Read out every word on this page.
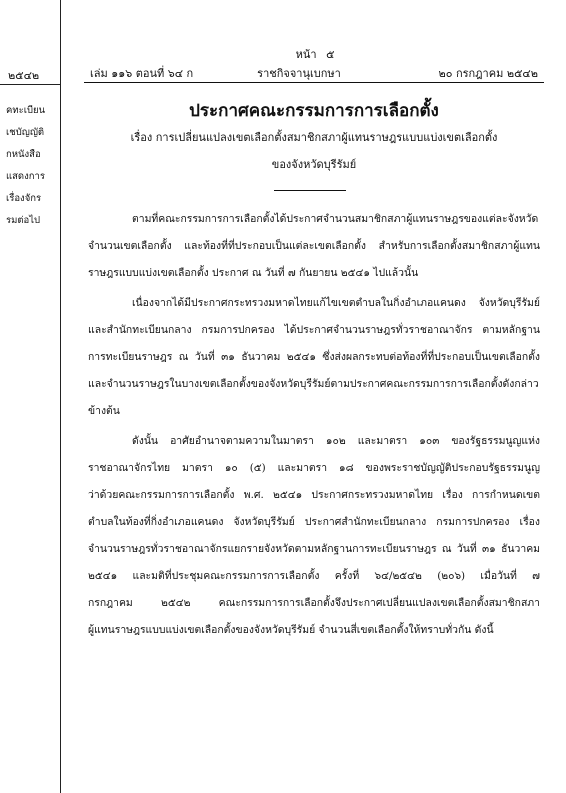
๒๕๔๒
คทะเบียน
เชบัญญัติ
กหนังสือ
แสดงการ
เรื่องจักร
รมต่อไป
หน้า ๕
เล่ม ๑๑๖ ตอนที่ ๖๔ ก	ราชกิจจานุเบกษา	๒๐ กรกฎาคม ๒๕๔๒
ประกาศคณะกรรมการการเลือกตั้ง
เรื่อง การเปลี่ยนแปลงเขตเลือกตั้งสมาชิกสภาผู้แทนราษฎรแบบแบ่งเขตเลือกตั้ง
ของจังหวัดบุรีรัมย์
ตามที่คณะกรรมการการเลือกตั้งได้ประกาศจำนวนสมาชิกสภาผู้แทนราษฎรของแต่ละจังหวัด
จำนวนเขตเลือกตั้ง และท้องที่ที่ประกอบเป็นแต่ละเขตเลือกตั้ง สำหรับการเลือกตั้งสมาชิกสภาผู้แทน
ราษฎรแบบแบ่งเขตเลือกตั้ง ประกาศ ณ วันที่ ๗ กันยายน ๒๕๔๑ ไปแล้วนั้น
เนื่องจากได้มีประกาศกระทรวงมหาดไทยแก้ไขเขตตำบลในกิ่งอำเภอแคนดง จังหวัดบุรีรัมย์
และสำนักทะเบียนกลาง กรมการปกครอง ได้ประกาศจำนวนราษฎรทั่วราชอาณาจักร ตามหลักฐาน
การทะเบียนราษฎร ณ วันที่ ๓๑ ธันวาคม ๒๕๔๑ ซึ่งส่งผลกระทบต่อท้องที่ที่ประกอบเป็นเขตเลือกตั้ง
และจำนวนราษฎรในบางเขตเลือกตั้งของจังหวัดบุรีรัมย์ตามประกาศคณะกรรมการการเลือกตั้งดังกล่าว
ข้างต้น
ดังนั้น อาศัยอำนาจตามความในมาตรา ๑๐๒ และมาตรา ๑๐๓ ของรัฐธรรมนูญแห่ง
ราชอาณาจักรไทย มาตรา ๑๐ (๕) และมาตรา ๑๘ ของพระราชบัญญัติประกอบรัฐธรรมนูญ
ว่าด้วยคณะกรรมการการเลือกตั้ง พ.ศ. ๒๕๔๑ ประกาศกระทรวงมหาดไทย เรื่อง การกำหนดเขต
ตำบลในท้องที่กิ่งอำเภอแคนดง จังหวัดบุรีรัมย์ ประกาศสำนักทะเบียนกลาง กรมการปกครอง เรื่อง
จำนวนราษฎรทั่วราชอาณาจักรแยกรายจังหวัดตามหลักฐานการทะเบียนราษฎร ณ วันที่ ๓๑ ธันวาคม
๒๕๔๑ และมติที่ประชุมคณะกรรมการการเลือกตั้ง ครั้งที่ ๖๔/๒๕๔๒ (๒๐๖) เมื่อวันที่ ๗
กรกฎาคม ๒๕๔๒ คณะกรรมการการเลือกตั้งจึงประกาศเปลี่ยนแปลงเขตเลือกตั้งสมาชิกสภา
ผู้แทนราษฎรแบบแบ่งเขตเลือกตั้งของจังหวัดบุรีรัมย์ จำนวนสี่เขตเลือกตั้งให้ทราบทั่วกัน ดังนี้
